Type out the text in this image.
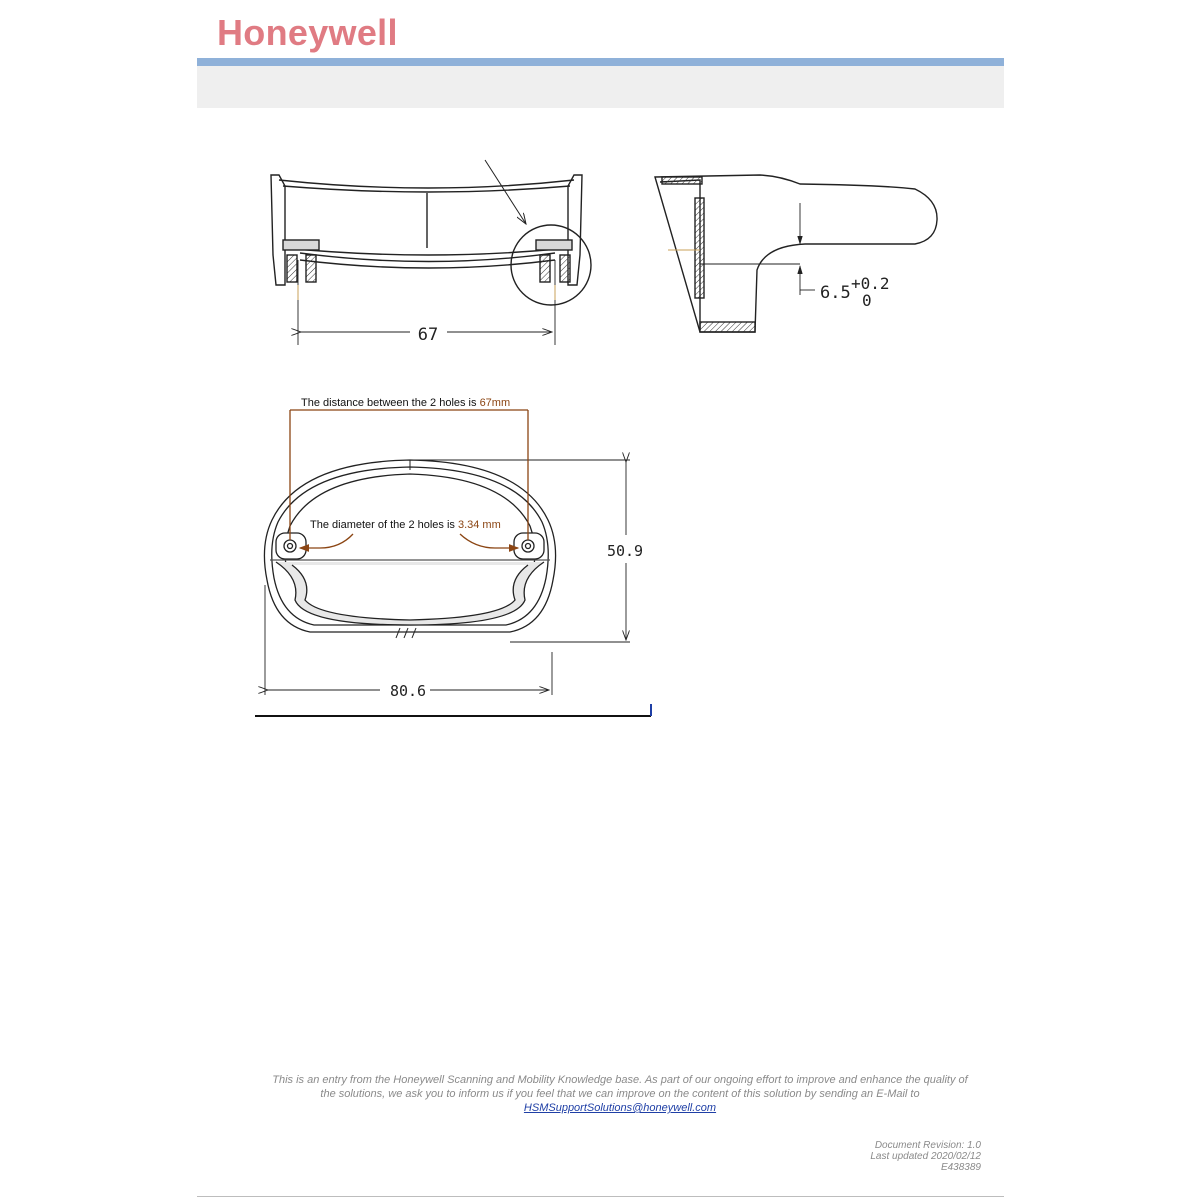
Honeywell
67
6.5 +0.2
0
The distance between the 2 holes is 67mm
The diameter of the 2 holes is 3.34 mm
50.9
80.6
This is an entry from the Honeywell Scanning and Mobility Knowledge base. As part of our ongoing effort to improve and enhance the quality of
the solutions, we ask you to inform us if you feel that we can improve on the content of this solution by sending an E-Mail to
HSMSupportSolutions@honeywell.com
Document Revision: 1.0
Last updated 2020/02/12
E438389
